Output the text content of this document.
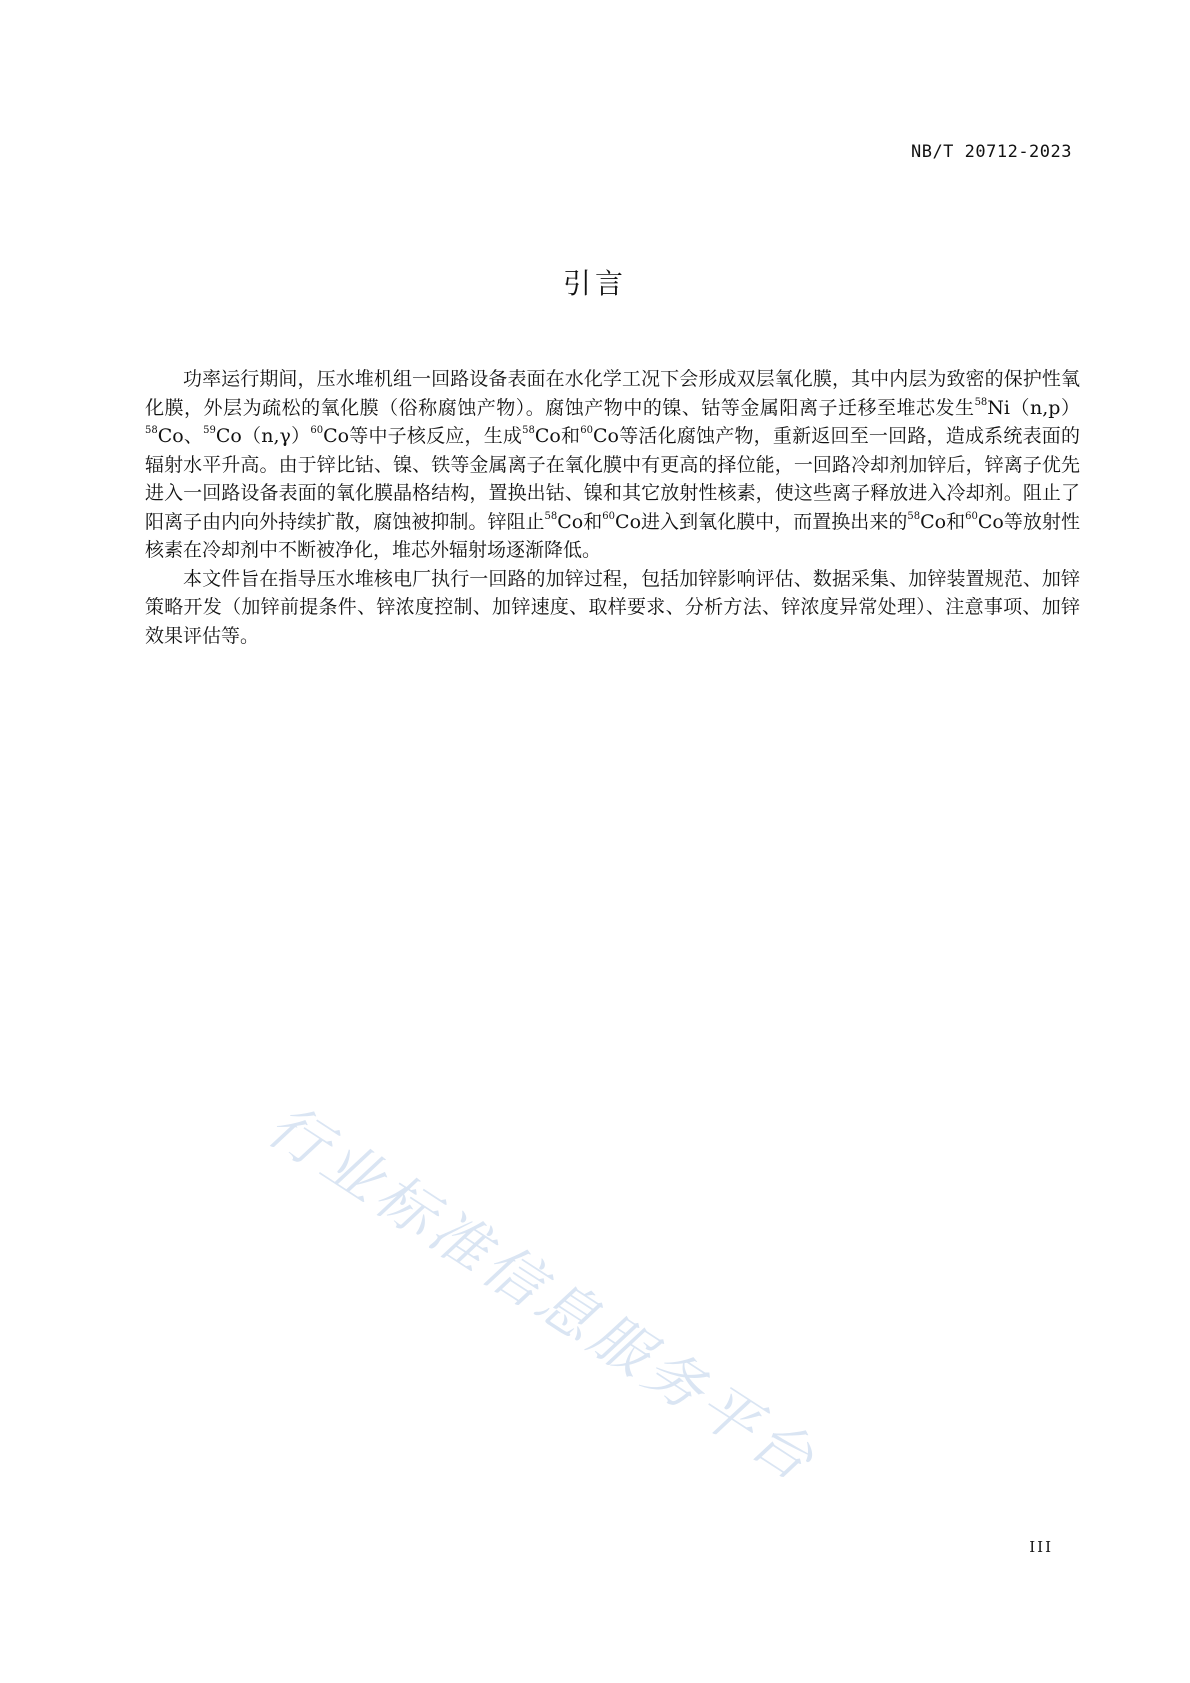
NB/T 20712-2023
引言

功率运行期间，压水堆机组一回路设备表面在水化学工况下会形成双层氧化膜，其中内层为致密的保护性氧化膜，外层为疏松的氧化膜（俗称腐蚀产物）。腐蚀产物中的镍、钴等金属阳离子迁移至堆芯发生$^{58}Ni(n,p)^{58}Co$、$^{59}Co(n,\gamma)^{60}Co$等中子核反应，生成$^{58}$Co和$^{60}$Co等活化腐蚀产物，重新返回至一回路，造成系统表面的辐射水平升高。由于锌比钴、镍、铁等金属离子在氧化膜中有更高的择位能，一回路冷却剂加锌后，锌离子优先进入一回路设备表面的氧化膜晶格结构，置换出钴、镍和其它放射性核素，使这些离子释放进入冷却剂。阻止了阳离子由内向外持续扩散，腐蚀被抑制。锌阻止$^{58}$Co和$^{60}$Co进入到氧化膜中，而置换出来的$^{58}$Co和$^{60}$Co等放射性核素在冷却剂中不断被净化，堆芯外辐射场逐渐降低。

本文件旨在指导压水堆核电厂执行一回路的加锌过程，包括加锌影响评估、数据采集、加锌装置规范、加锌策略开发（加锌前提条件、锌浓度控制、加锌速度、取样要求、分析方法、锌浓度异常处理）、注意事项、加锌效果评估等。

行业标准信息服务平台
III
